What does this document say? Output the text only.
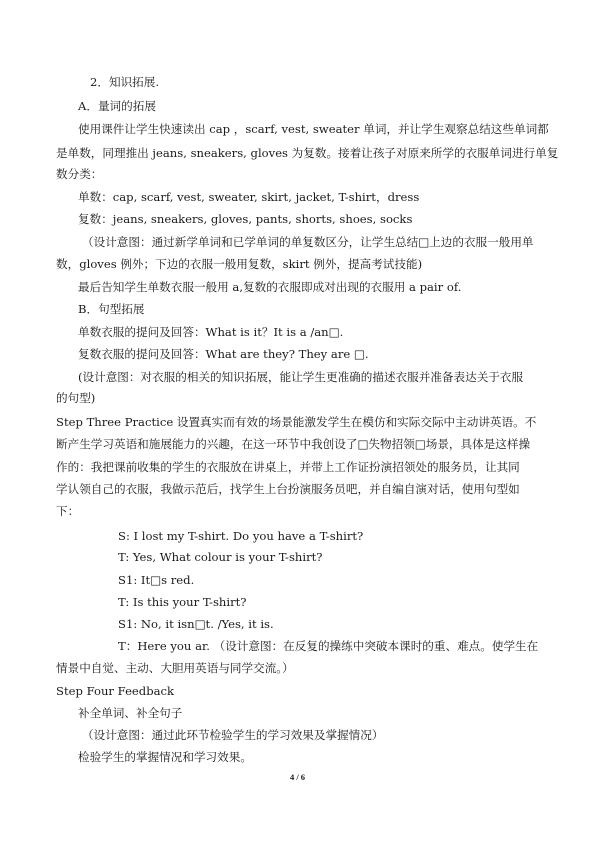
2．知识拓展.
A．量词的拓展
使用课件让学生快速读出 cap ，scarf, vest, sweater 单词，并让学生观察总结这些单词都
是单数，同理推出 jeans, sneakers, gloves 为复数。接着让孩子对原来所学的衣服单词进行单复
数分类：
单数：cap, scarf, vest, sweater, skirt, jacket, T-shirt，dress
复数：jeans, sneakers, gloves, pants, shorts, shoes, socks
（设计意图：通过新学单词和已学单词的单复数区分，让学生总结□上边的衣服一般用单
数，gloves 例外；下边的衣服一般用复数，skirt 例外，提高考试技能)
最后告知学生单数衣服一般用 a,复数的衣服即成对出现的衣服用 a pair of.
B．句型拓展
单数衣服的提问及回答：What is it？It is a /an□.
复数衣服的提问及回答：What are they? They are □.
(设计意图：对衣服的相关的知识拓展，能让学生更准确的描述衣服并准备表达关于衣服
的句型)
Step Three Practice 设置真实而有效的场景能激发学生在模仿和实际交际中主动讲英语。不
断产生学习英语和施展能力的兴趣，在这一环节中我创设了□失物招领□场景，具体是这样操
作的：我把课前收集的学生的衣服放在讲桌上，并带上工作证扮演招领处的服务员，让其同
学认领自己的衣服，我做示范后，找学生上台扮演服务员吧，并自编自演对话，使用句型如
下：
S: I lost my T-shirt. Do you have a T-shirt?
T: Yes, What colour is your T-shirt?
S1: It□s red.
T: Is this your T-shirt?
S1: No, it isn□t. /Yes, it is.
T：Here you ar. （设计意图：在反复的操练中突破本课时的重、难点。使学生在
情景中自觉、主动、大胆用英语与同学交流。）
Step Four Feedback
补全单词、补全句子
（设计意图：通过此环节检验学生的学习效果及掌握情况）
检验学生的掌握情况和学习效果。
4 / 6
